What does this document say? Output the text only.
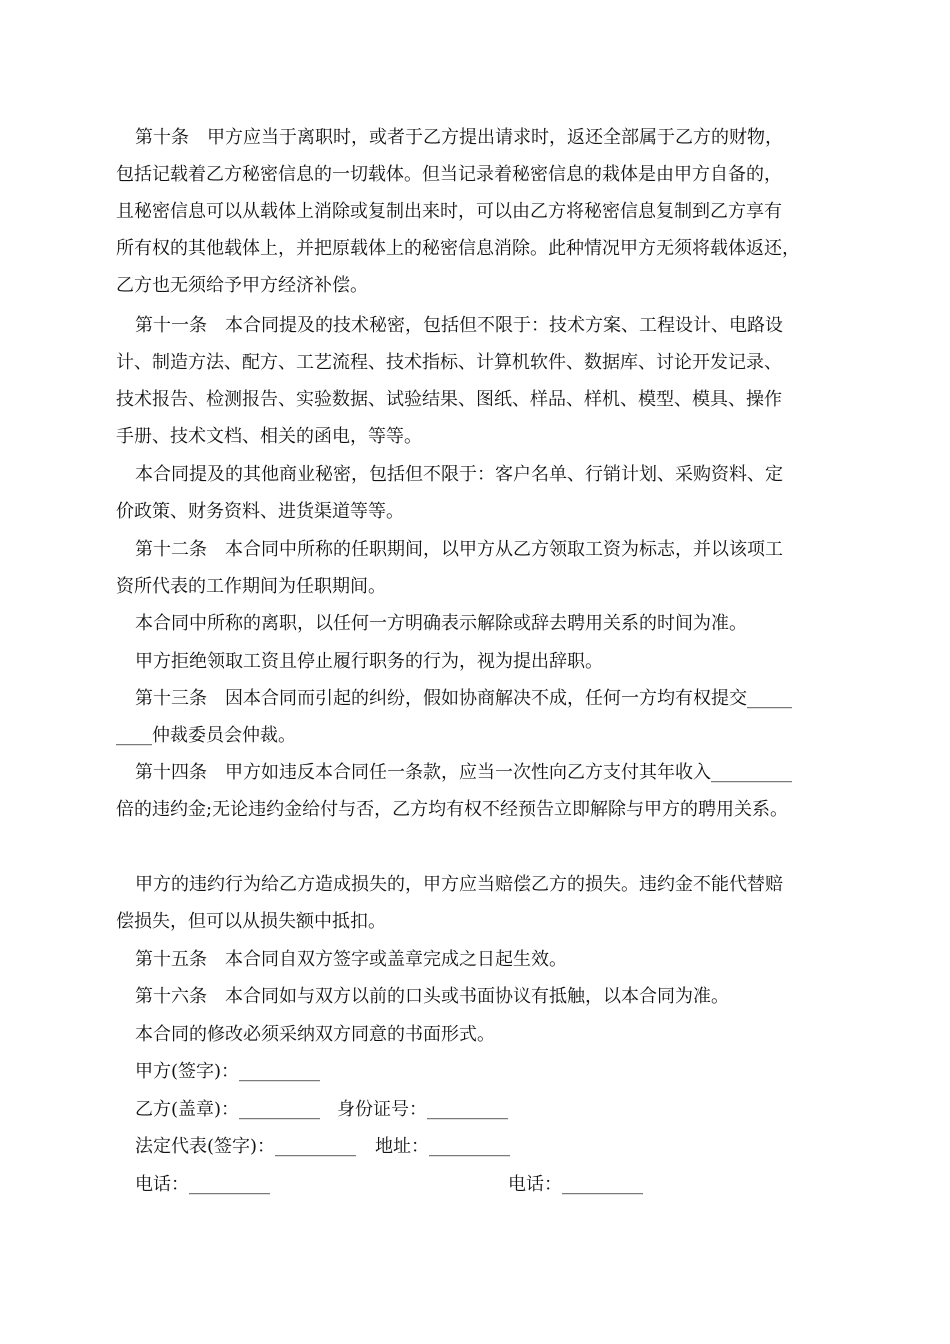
第十条　甲方应当于离职时，或者于乙方提出请求时，返还全部属于乙方的财物，
包括记载着乙方秘密信息的一切载体。但当记录着秘密信息的栽体是由甲方自备的，
且秘密信息可以从载体上消除或复制出来时，可以由乙方将秘密信息复制到乙方享有
所有权的其他载体上，并把原载体上的秘密信息消除。此种情况甲方无须将载体返还，
乙方也无须给予甲方经济补偿。
第十一条　本合同提及的技术秘密，包括但不限于：技术方案、工程设计、电路设
计、制造方法、配方、工艺流程、技术指标、计算机软件、数据库、讨论开发记录、
技术报告、检测报告、实验数据、试验结果、图纸、样品、样机、模型、模具、操作
手册、技术文档、相关的函电，等等。
本合同提及的其他商业秘密，包括但不限于：客户名单、行销计划、采购资料、定
价政策、财务资料、进货渠道等等。
第十二条　本合同中所称的任职期间，以甲方从乙方领取工资为标志，并以该项工
资所代表的工作期间为任职期间。
本合同中所称的离职，以任何一方明确表示解除或辞去聘用关系的时间为准。
甲方拒绝领取工资且停止履行职务的行为，视为提出辞职。
第十三条　因本合同而引起的纠纷，假如协商解决不成，任何一方均有权提交_____
____仲裁委员会仲裁。
第十四条　甲方如违反本合同任一条款，应当一次性向乙方支付其年收入_________
倍的违约金;无论违约金给付与否，乙方均有权不经预告立即解除与甲方的聘用关系。
甲方的违约行为给乙方造成损失的，甲方应当赔偿乙方的损失。违约金不能代替赔
偿损失，但可以从损失额中抵扣。
第十五条　本合同自双方签字或盖章完成之日起生效。
第十六条　本合同如与双方以前的口头或书面协议有抵触，以本合同为准。
本合同的修改必须采纳双方同意的书面形式。
甲方(签字)：_________
乙方(盖章)：_________ 身份证号：_________
法定代表(签字)：_________ 地址：_________
电话：_________	电话：_________
